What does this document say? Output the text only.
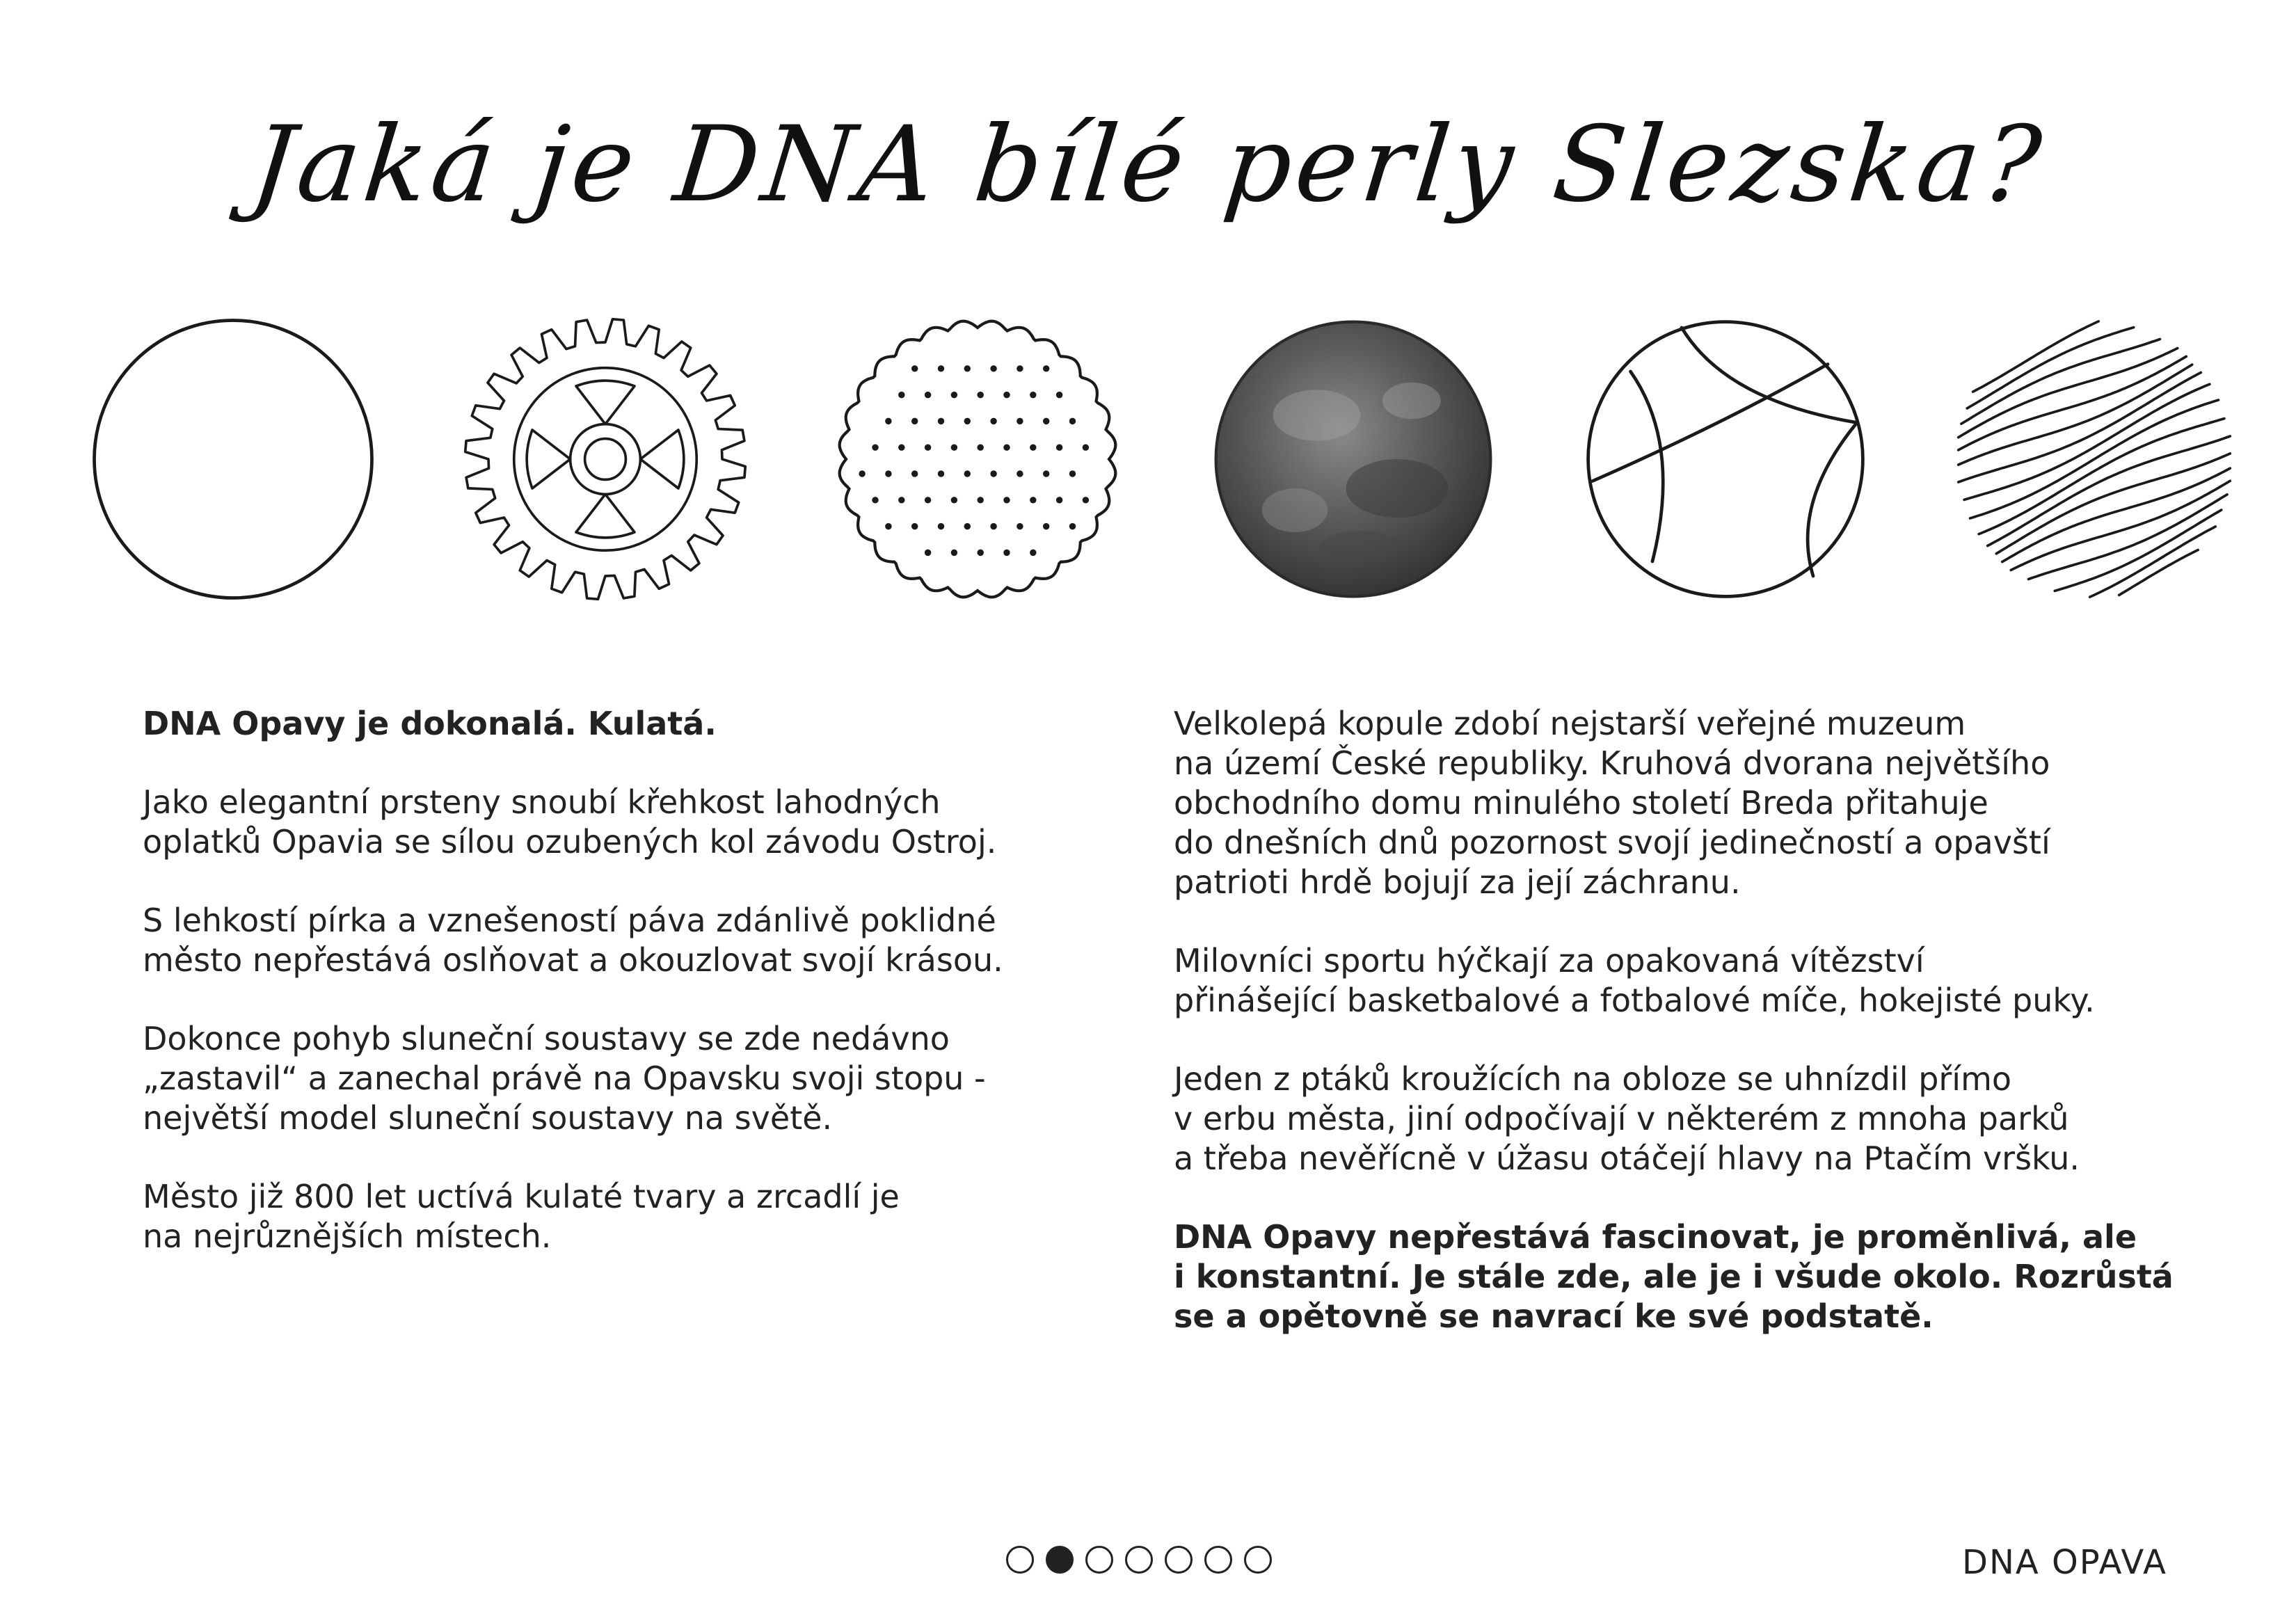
Jaká je DNA bílé perly Slezska?

DNA Opavy je dokonalá. Kulatá.

Jako elegantní prsteny snoubí křehkost lahodných
oplatků Opavia se sílou ozubených kol závodu Ostroj.

S lehkostí pírka a vznešeností páva zdánlivě poklidné
město nepřestává oslňovat a okouzlovat svojí krásou.

Dokonce pohyb sluneční soustavy se zde nedávno
„zastavil“ a zanechal právě na Opavsku svoji stopu -
největší model sluneční soustavy na světě.

Město již 800 let uctívá kulaté tvary a zrcadlí je
na nejrůznějších místech.

Velkolepá kopule zdobí nejstarší veřejné muzeum
na území České republiky. Kruhová dvorana největšího
obchodního domu minulého století Breda přitahuje
do dnešních dnů pozornost svojí jedinečností a opavští
patrioti hrdě bojují za její záchranu.

Milovníci sportu hýčkají za opakovaná vítězství
přinášející basketbalové a fotbalové míče, hokejisté puky.

Jeden z ptáků kroužících na obloze se uhnízdil přímo
v erbu města, jiní odpočívají v některém z mnoha parků
a třeba nevěřícně v úžasu otáčejí hlavy na Ptačím vršku.

DNA Opavy nepřestává fascinovat, je proměnlivá, ale
i konstantní. Je stále zde, ale je i všude okolo. Rozrůstá
se a opětovně se navrací ke své podstatě.

DNA OPAVA
